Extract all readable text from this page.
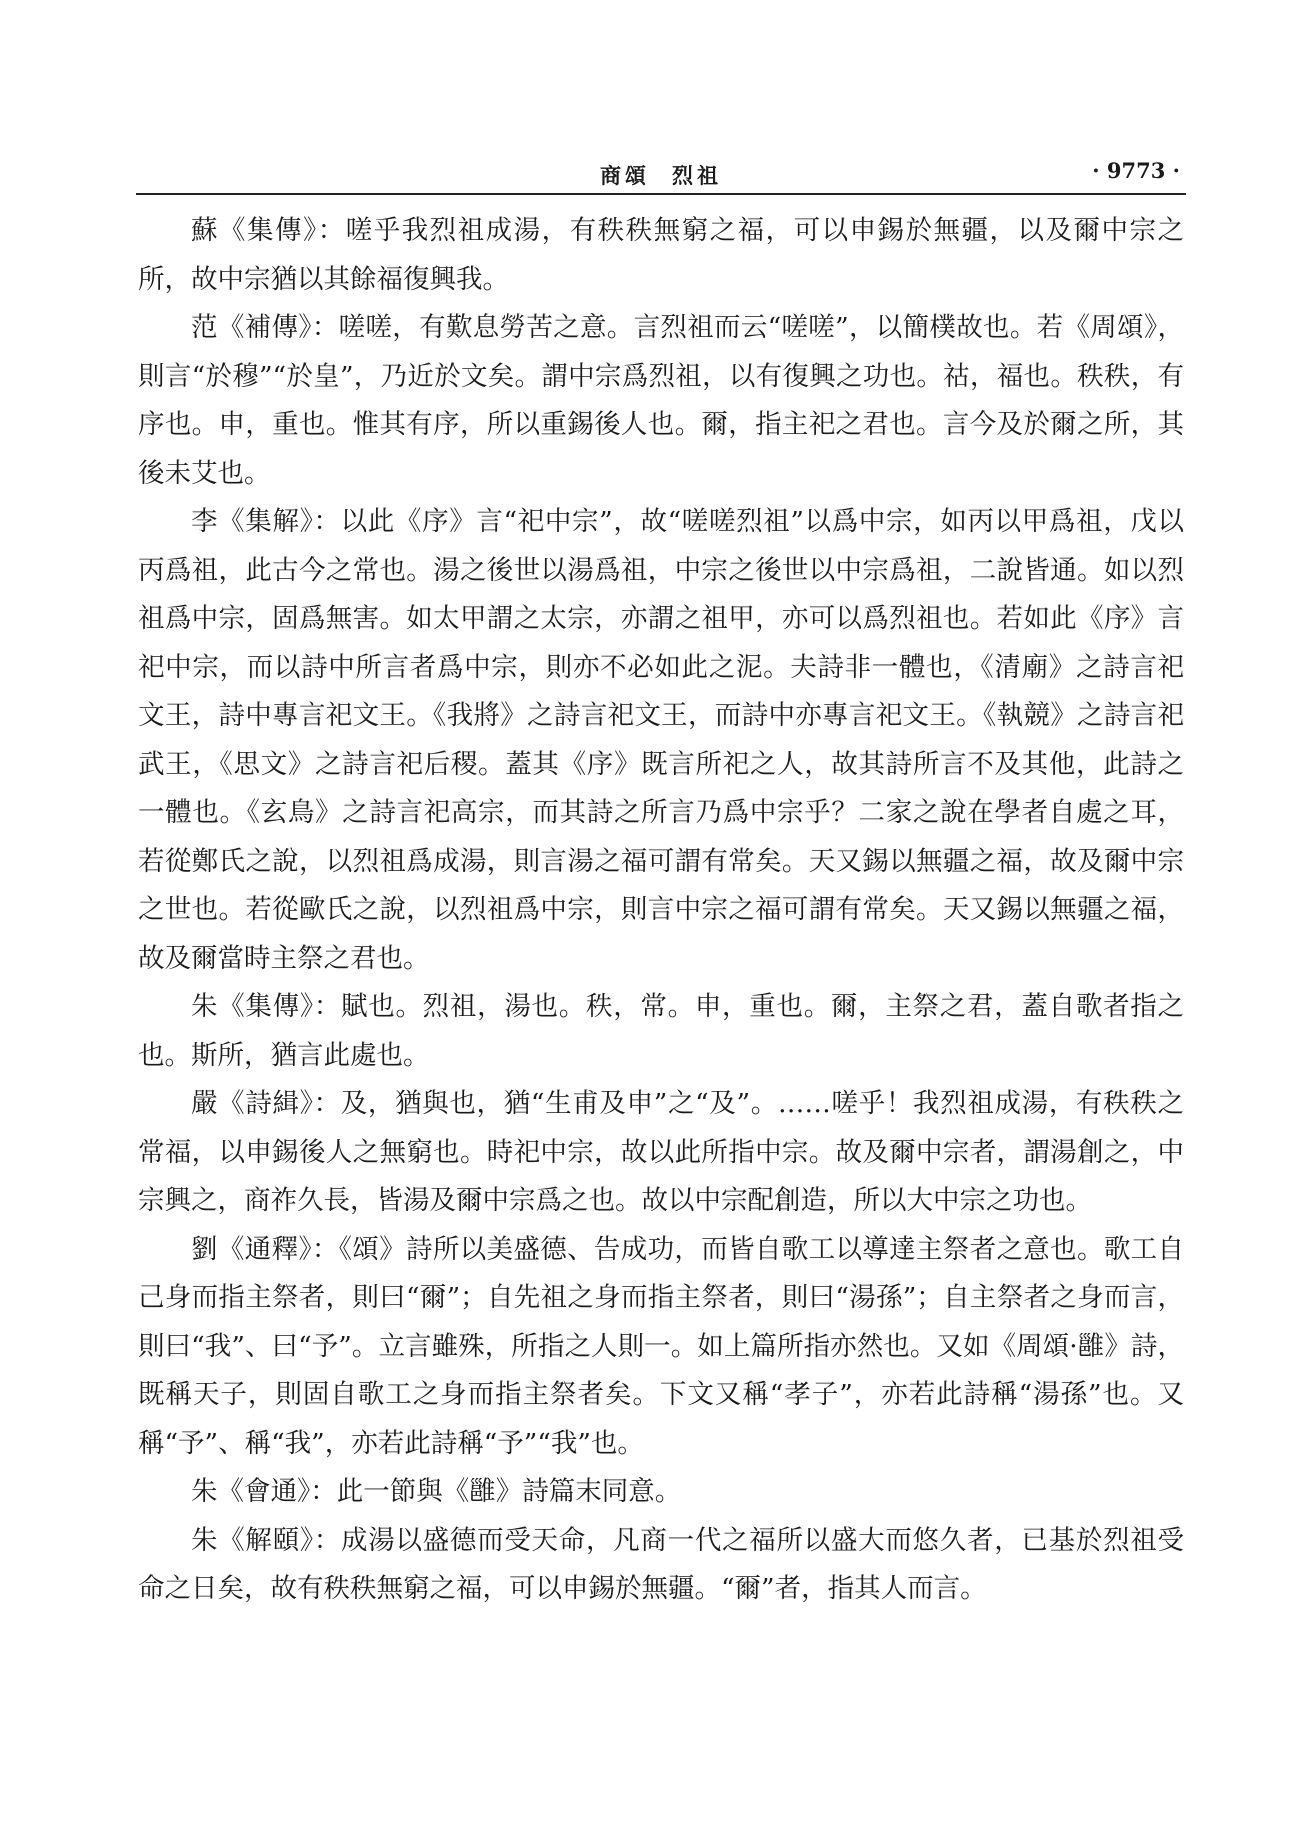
商頌 烈祖	· 9773 ·

蘇《集傳》：嗟乎我烈祖成湯，有秩秩無窮之福，可以申錫於無疆，以及爾中宗之所，故中宗猶以其餘福復興我。

范《補傳》：嗟嗟，有歎息勞苦之意。言烈祖而云“嗟嗟”，以簡樸故也。若《周頌》，則言“於穆”“於皇”，乃近於文矣。謂中宗爲烈祖，以有復興之功也。祜，福也。秩秩，有序也。申，重也。惟其有序，所以重錫後人也。爾，指主祀之君也。言今及於爾之所，其後未艾也。

李《集解》：以此《序》言“祀中宗”，故“嗟嗟烈祖”以爲中宗，如丙以甲爲祖，戊以丙爲祖，此古今之常也。湯之後世以湯爲祖，中宗之後世以中宗爲祖，二說皆通。如以烈祖爲中宗，固爲無害。如太甲謂之太宗，亦謂之祖甲，亦可以爲烈祖也。若如此《序》言祀中宗，而以詩中所言者爲中宗，則亦不必如此之泥。夫詩非一體也，《清廟》之詩言祀文王，詩中專言祀文王。《我將》之詩言祀文王，而詩中亦專言祀文王。《執競》之詩言祀武王，《思文》之詩言祀后稷。蓋其《序》既言所祀之人，故其詩所言不及其他，此詩之一體也。《玄鳥》之詩言祀高宗，而其詩之所言乃爲中宗乎？二家之說在學者自處之耳，若從鄭氏之說，以烈祖爲成湯，則言湯之福可謂有常矣。天又錫以無疆之福，故及爾中宗之世也。若從歐氏之說，以烈祖爲中宗，則言中宗之福可謂有常矣。天又錫以無疆之福，故及爾當時主祭之君也。

朱《集傳》：賦也。烈祖，湯也。秩，常。申，重也。爾，主祭之君，蓋自歌者指之也。斯所，猶言此處也。

嚴《詩緝》：及，猶與也，猶“生甫及申”之“及”。……嗟乎！我烈祖成湯，有秩秩之常福，以申錫後人之無窮也。時祀中宗，故以此所指中宗。故及爾中宗者，謂湯創之，中宗興之，商祚久長，皆湯及爾中宗爲之也。故以中宗配創造，所以大中宗之功也。

劉《通釋》：《頌》詩所以美盛德、告成功，而皆自歌工以導達主祭者之意也。歌工自己身而指主祭者，則曰“爾”；自先祖之身而指主祭者，則曰“湯孫”；自主祭者之身而言，則曰“我”、曰“予”。立言雖殊，所指之人則一。如上篇所指亦然也。又如《周頌·雝》詩，既稱天子，則固自歌工之身而指主祭者矣。下文又稱“孝子”，亦若此詩稱“湯孫”也。又稱“予”、稱“我”，亦若此詩稱“予”“我”也。

朱《會通》：此一節與《雝》詩篇末同意。

朱《解頤》：成湯以盛德而受天命，凡商一代之福所以盛大而悠久者，已基於烈祖受命之日矣，故有秩秩無窮之福，可以申錫於無疆。“爾”者，指其人而言。
